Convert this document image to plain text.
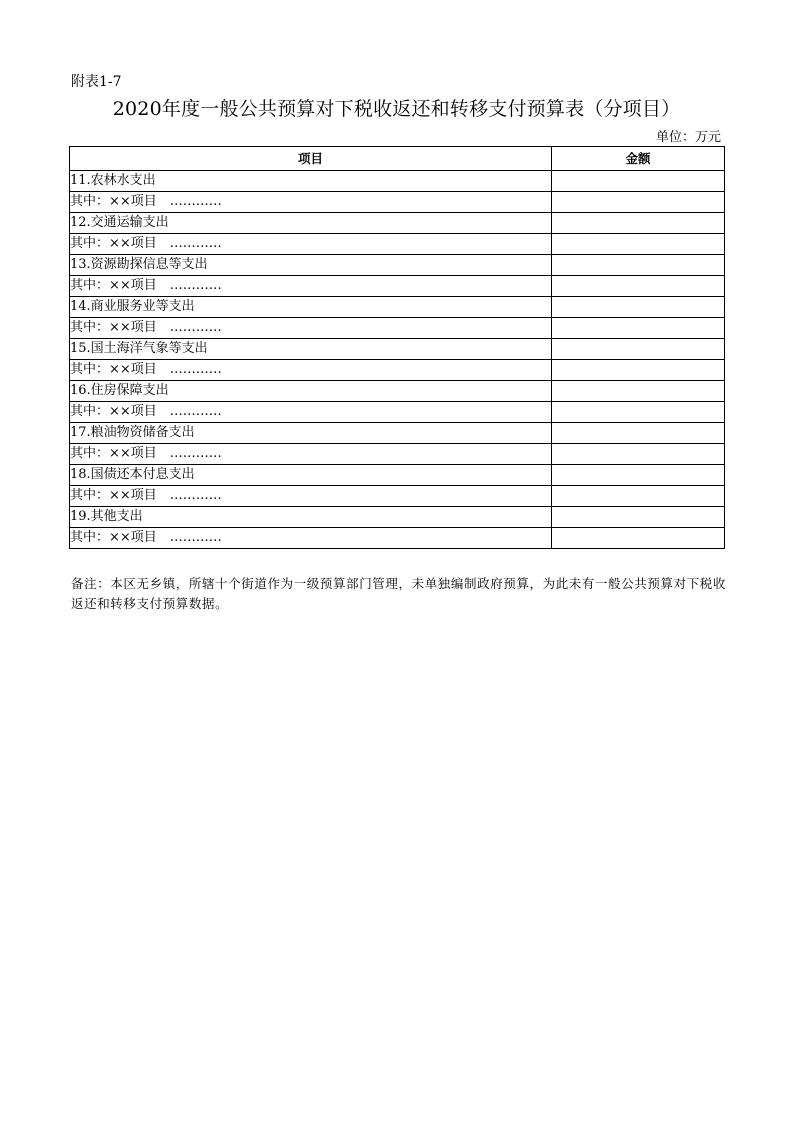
附表1-7
2020年度一般公共预算对下税收返还和转移支付预算表（分项目）
单位：万元
项目	金额
11.农林水支出	
其中：××项目　…………	
12.交通运输支出	
其中：××项目　…………	
13.资源勘探信息等支出	
其中：××项目　…………	
14.商业服务业等支出	
其中：××项目　…………	
15.国土海洋气象等支出	
其中：××项目　…………	
16.住房保障支出	
其中：××项目　…………	
17.粮油物资储备支出	
其中：××项目　…………	
18.国债还本付息支出	
其中：××项目　…………	
19.其他支出	
其中：××项目　…………	
备注：本区无乡镇，所辖十个街道作为一级预算部门管理，未单独编制政府预算，为此未有一般公共预算对下税收返还和转移支付预算数据。
